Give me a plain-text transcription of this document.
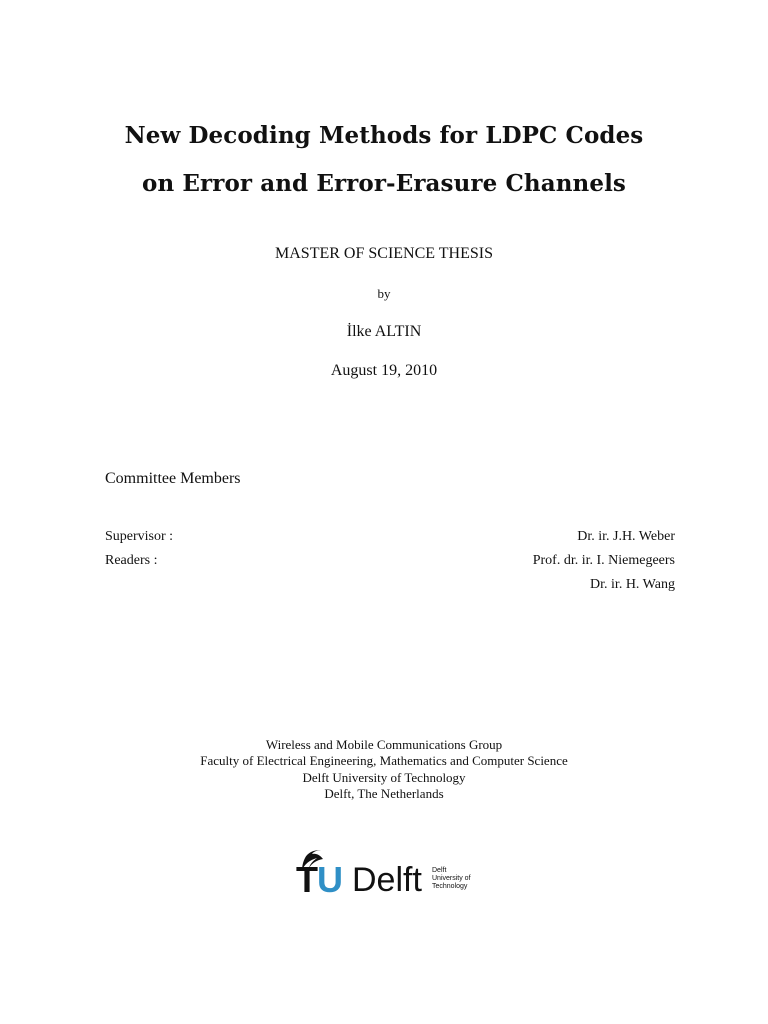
New Decoding Methods for LDPC Codes
on Error and Error-Erasure Channels
MASTER OF SCIENCE THESIS
by
İlke ALTIN
August 19, 2010
Committee Members
Supervisor :	Dr. ir. J.H. Weber
Readers :	Prof. dr. ir. I. Niemegeers
Dr. ir. H. Wang
Wireless and Mobile Communications Group
Faculty of Electrical Engineering, Mathematics and Computer Science
Delft University of Technology
Delft, The Netherlands
TU Delft Delft
University of
Technology
